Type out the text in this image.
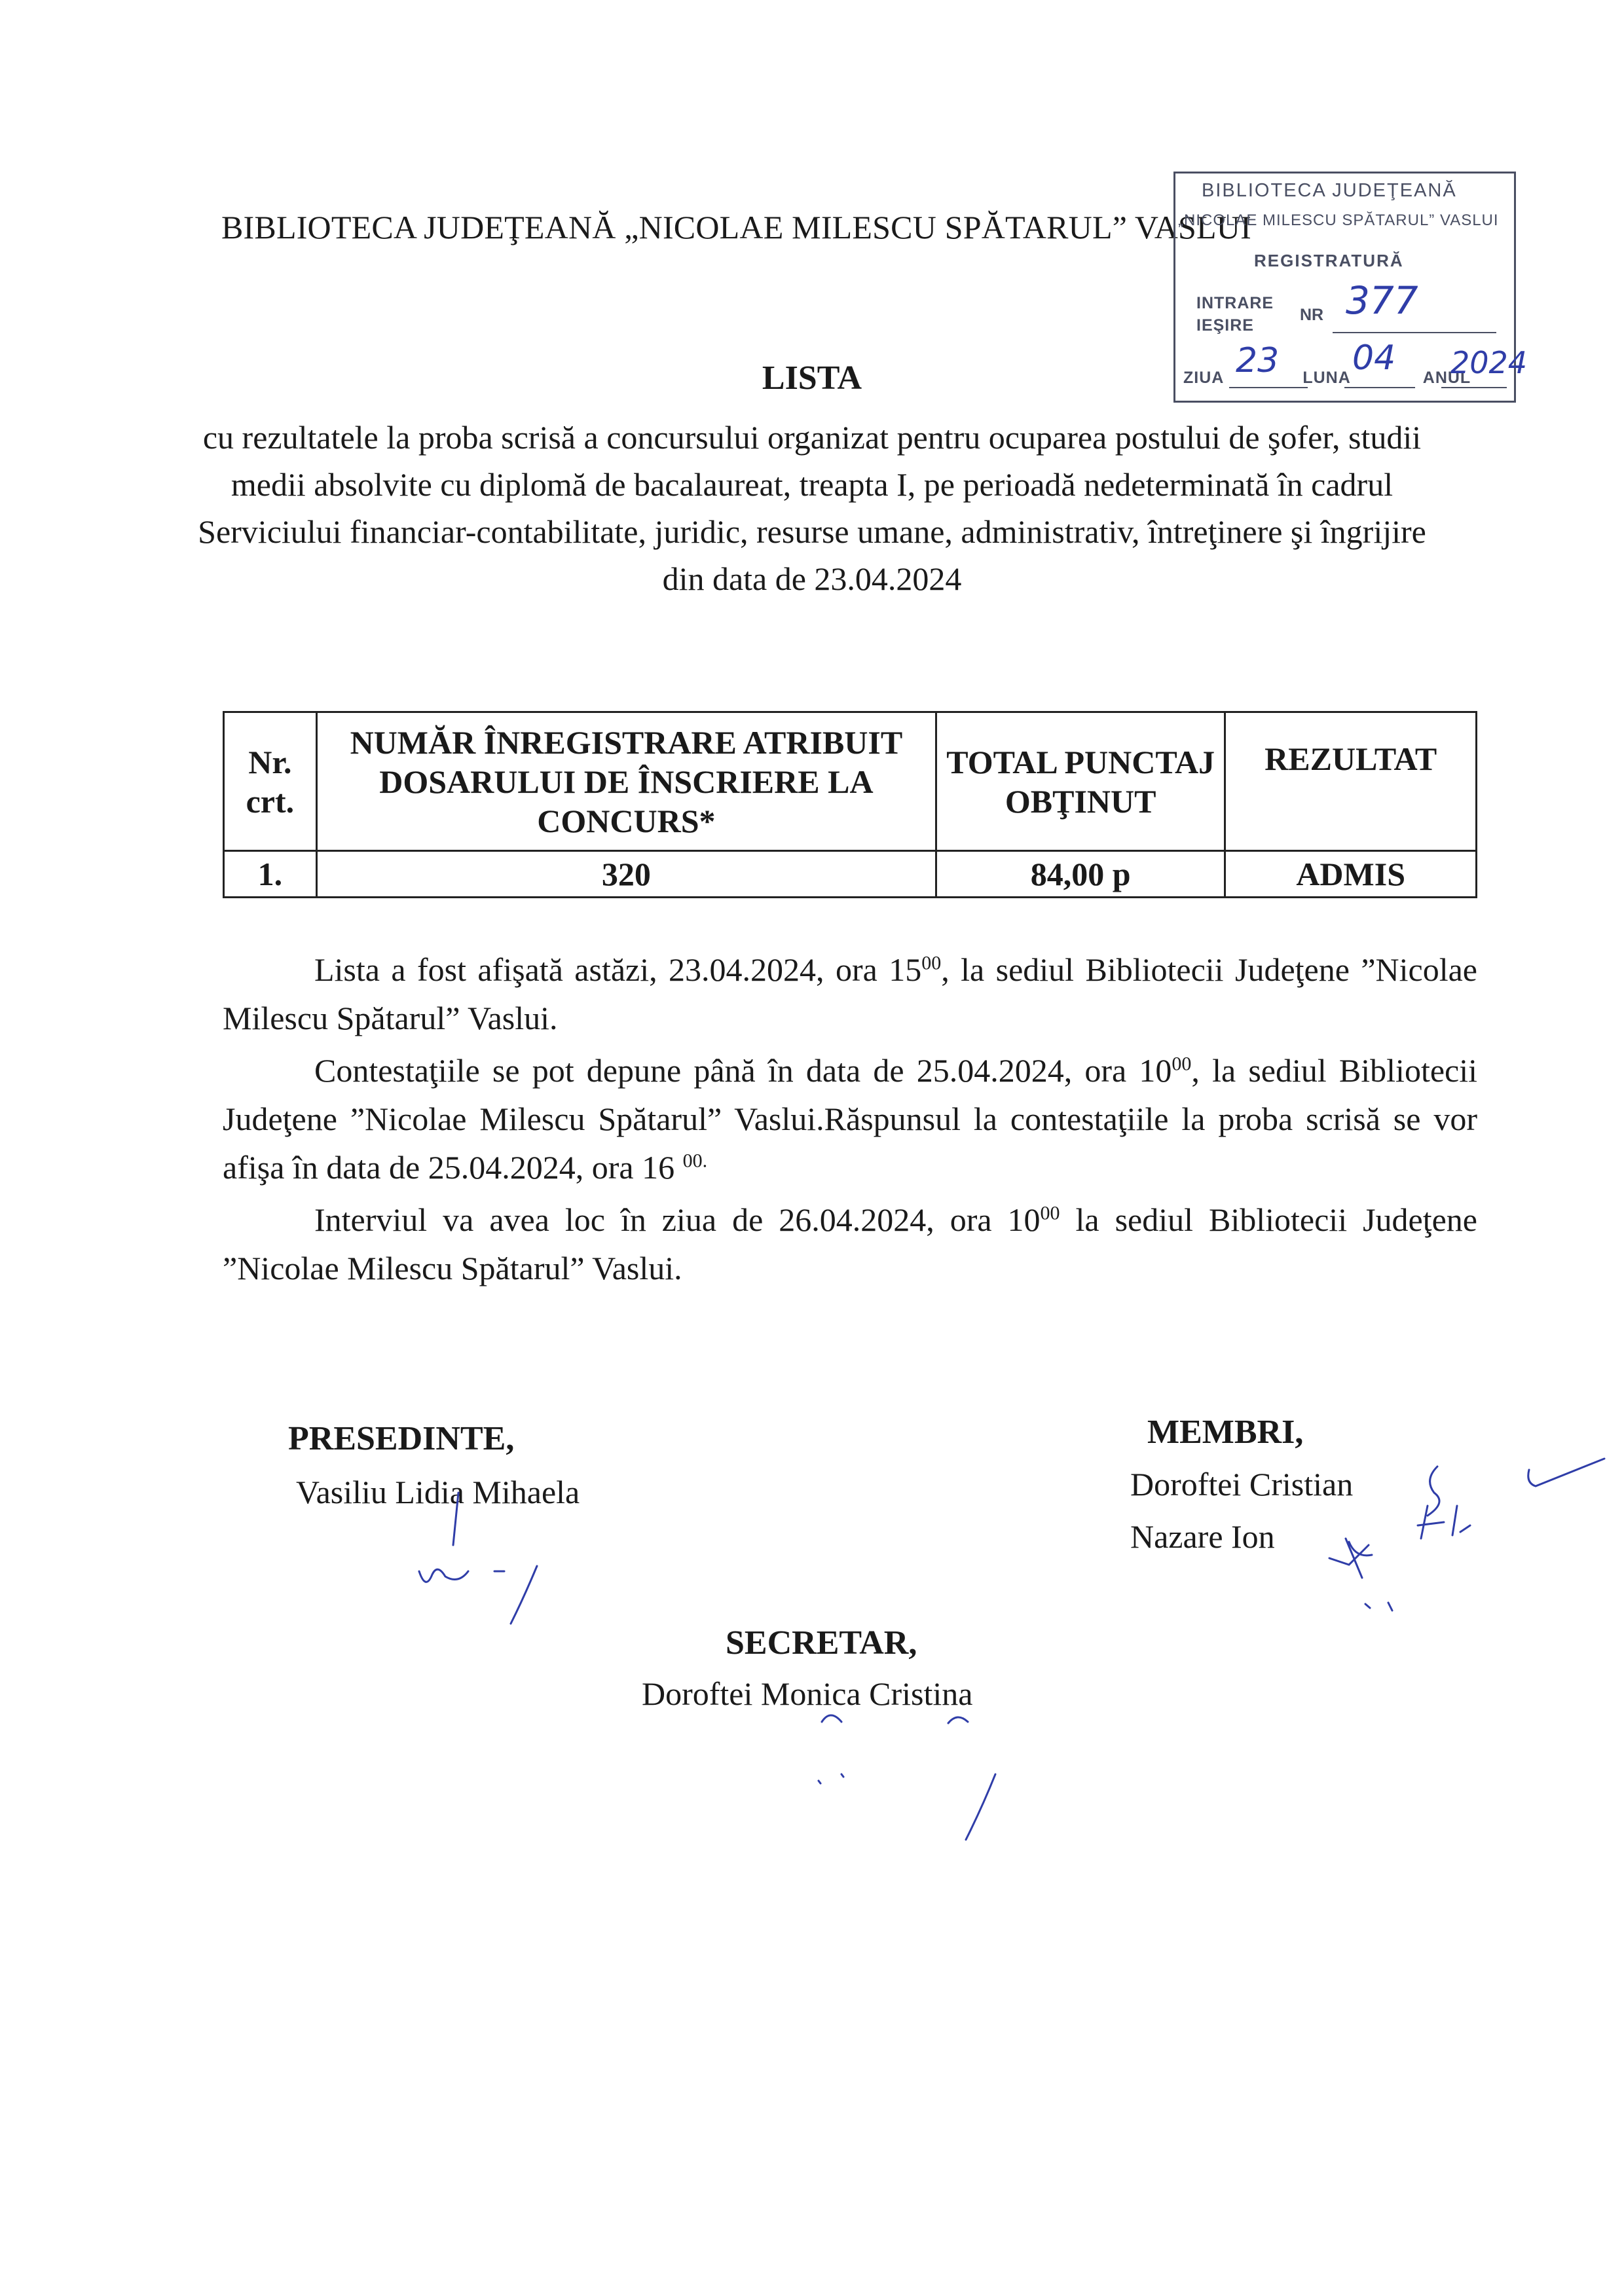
BIBLIOTECA JUDEŢEANĂ „NICOLAE MILESCU SPĂTARUL” VASLUI
BIBLIOTECA JUDEŢEANĂ
„NICOLAE MILESCU SPĂTARUL” VASLUI
REGISTRATURĂ
INTRARE
IEŞIRE
NR 377
ZIUA	LUNA	ANUL
23 04 2024
LISTA
cu rezultatele la proba scrisă a concursului organizat pentru ocuparea postului de şofer, studii medii absolvite cu diplomă de bacalaureat, treapta I, pe perioadă nedeterminată în cadrul Serviciului financiar-contabilitate, juridic, resurse umane, administrativ, întreţinere şi îngrijire din data de 23.04.2024
Nr. crt.	NUMĂR ÎNREGISTRARE ATRIBUIT DOSARULUI DE ÎNSCRIERE LA CONCURS*	TOTAL PUNCTAJ OBŢINUT	REZULTAT
1.	320	84,00 p	ADMIS
Lista a fost afişată astăzi, 23.04.2024, ora $15^{00}$, la sediul Bibliotecii Judeţene ”Nicolae Milescu Spătarul” Vaslui.
Contestaţiile se pot depune până în data de 25.04.2024, ora $10^{00}$, la sediul Bibliotecii Judeţene ”Nicolae Milescu Spătarul” Vaslui.Răspunsul la contestaţiile la proba scrisă se vor afişa în data de 25.04.2024, ora 16 $^{00.}$
Interviul va avea loc în ziua de 26.04.2024, ora $10^{00}$ la sediul Bibliotecii Judeţene ”Nicolae Milescu Spătarul” Vaslui.
PRESEDINTE,
Vasiliu Lidia Mihaela
MEMBRI,
Doroftei Cristian
Nazare Ion
SECRETAR,
Doroftei Monica Cristina
